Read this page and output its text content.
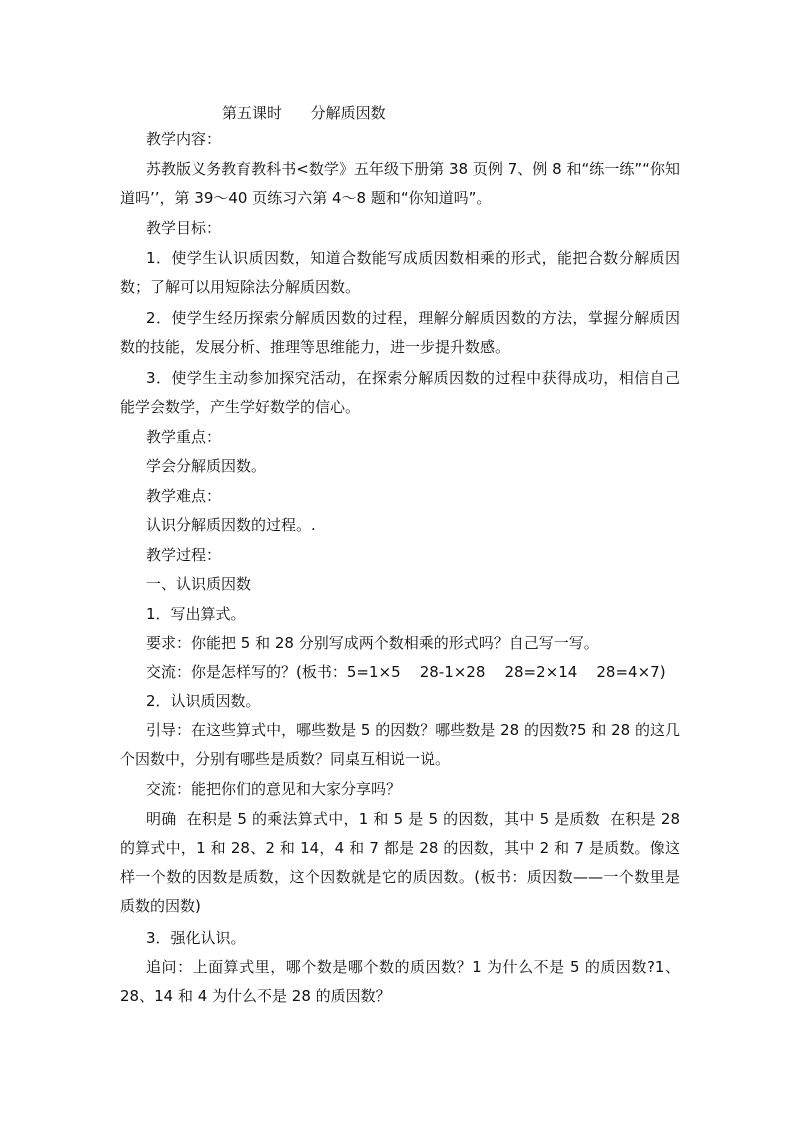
第五课时      分解质因数
教学内容：
苏教版义务教育教科书<数学》五年级下册第 38 页例 7、例 8 和“练一练”“你知道吗’’，第 39～40 页练习六第 4～8 题和“你知道吗”。
教学目标：
1．使学生认识质因数，知道合数能写成质因数相乘的形式，能把合数分解质因数；了解可以用短除法分解质因数。
2．使学生经历探索分解质因数的过程，理解分解质因数的方法，掌握分解质因数的技能，发展分析、推理等思维能力，进一步提升数感。
3．使学生主动参加探究活动，在探索分解质因数的过程中获得成功，相信自己能学会数学，产生学好数学的信心。
教学重点：
学会分解质因数。
教学难点：
认识分解质因数的过程。.
教学过程：
一、认识质因数
1．写出算式。
要求：你能把 5 和 28 分别写成两个数相乘的形式吗？自己写一写。
交流：你是怎样写的？(板书：5=1×5    28-1×28    28=2×14    28=4×7)
2．认识质因数。
引导：在这些算式中，哪些数是 5 的因数？哪些数是 28 的因数?5 和 28 的这几个因数中，分别有哪些是质数？同桌互相说一说。
交流：能把你们的意见和大家分享吗？
明确  在积是 5 的乘法算式中，1 和 5 是 5 的因数，其中 5 是质数  在积是 28 的算式中，1 和 28、2 和 14，4 和 7 都是 28 的因数，其中 2 和 7 是质数。像这样一个数的因数是质数，这个因数就是它的质因数。(板书：质因数——一个数里是质数的因数)
3．强化认识。
追问：上面算式里，哪个数是哪个数的质因数？1 为什么不是 5 的质因数?1、28、14 和 4 为什么不是 28 的质因数？
